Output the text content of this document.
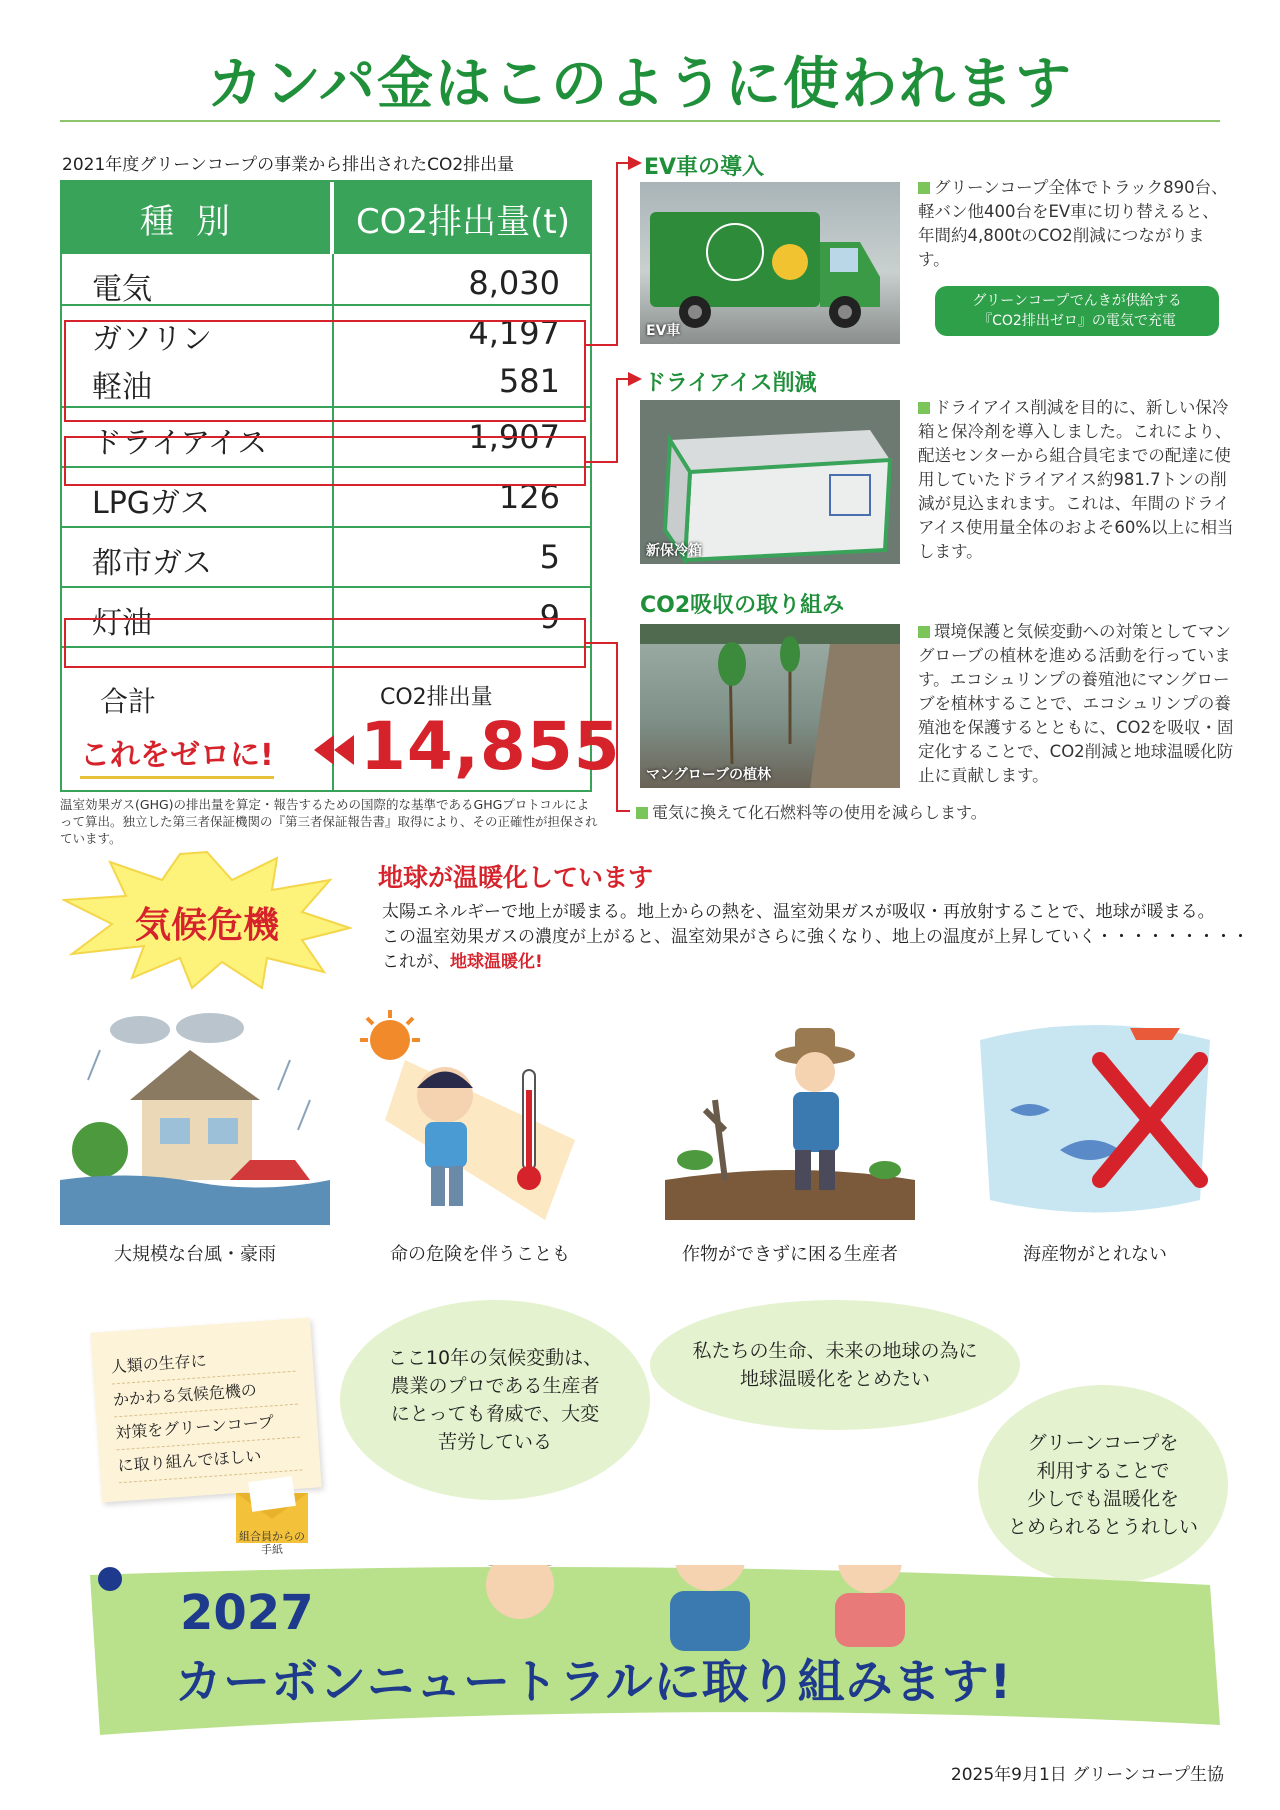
カンパ金はこのように使われます
2021年度グリーンコープの事業から排出されたCO2排出量
種別	CO2排出量(t)
電気	8,030
ガソリン	4,197
軽油	581
ドライアイス	1,907
LPGガス	126
都市ガス	5
灯油	9
合計	CO2排出量
14,855
これをゼロに!
温室効果ガス(GHG)の排出量を算定・報告するための国際的な基準であるGHGプロトコルによって算出。独立した第三者保証機関の『第三者保証報告書』取得により、その正確性が担保されています。
EV車の導入
EV車
グリーンコープ全体でトラック890台、軽バン他400台をEV車に切り替えると、年間約4,800tのCO2削減につながります。
グリーンコープでんきが供給する
『CO2排出ゼロ』の電気で充電
ドライアイス削減
新保冷箱
ドライアイス削減を目的に、新しい保冷箱と保冷剤を導入しました。これにより、配送センターから組合員宅までの配達に使用していたドライアイス約981.7トンの削減が見込まれます。これは、年間のドライアイス使用量全体のおよそ60%以上に相当します。
CO2吸収の取り組み
マングローブの植林
環境保護と気候変動への対策としてマングローブの植林を進める活動を行っています。エコシュリンプの養殖池にマングローブを植林することで、エコシュリンプの養殖池を保護するとともに、CO2を吸収・固定化することで、CO2削減と地球温暖化防止に貢献します。
電気に換えて化石燃料等の使用を減らします。
気候危機
地球が温暖化しています
太陽エネルギーで地上が暖まる。地上からの熱を、温室効果ガスが吸収・再放射することで、地球が暖まる。
この温室効果ガスの濃度が上がると、温室効果がさらに強くなり、地上の温度が上昇していく・・・・・・・・・
これが、地球温暖化!
大規模な台風・豪雨	命の危険を伴うことも	作物ができずに困る生産者	海産物がとれない
人類の生存に
かかわる気候危機の
対策をグリーンコープ
に取り組んでほしい
組合員からの手紙
ここ10年の気候変動は、
農業のプロである生産者
にとっても脅威で、大変
苦労している
私たちの生命、未来の地球の為に
地球温暖化をとめたい
グリーンコープを
利用することで
少しでも温暖化を
とめられるとうれしい
2027
カーボンニュートラルに取り組みます!
2025年9月1日 グリーンコープ生協
